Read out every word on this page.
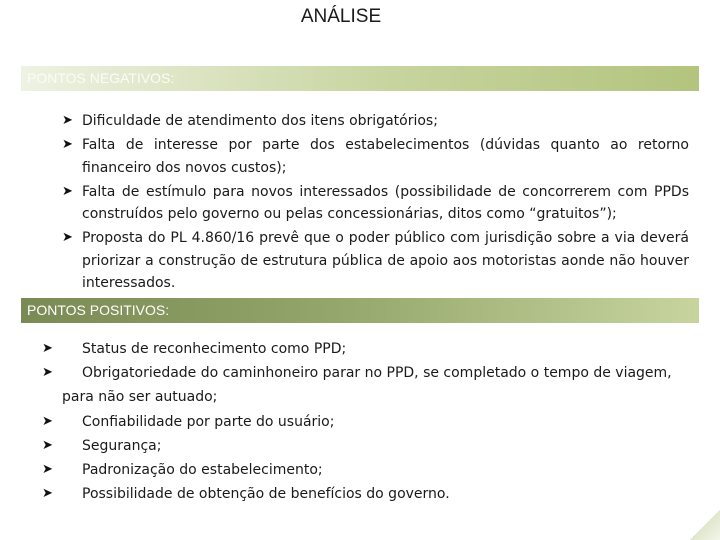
ANÁLISE
PONTOS NEGATIVOS:
➤ Dificuldade de atendimento dos itens obrigatórios;
➤ Falta de interesse por parte dos estabelecimentos (dúvidas quanto ao retorno financeiro dos novos custos);
➤ Falta de estímulo para novos interessados (possibilidade de concorrerem com PPDs construídos pelo governo ou pelas concessionárias, ditos como “gratuitos”);
➤ Proposta do PL 4.860/16 prevê que o poder público com jurisdição sobre a via deverá priorizar a construção de estrutura pública de apoio aos motoristas aonde não houver interessados.
PONTOS POSITIVOS:
➤ Status de reconhecimento como PPD;
➤ Obrigatoriedade do caminhoneiro parar no PPD, se completado o tempo de viagem, para não ser autuado;
➤ Confiabilidade por parte do usuário;
➤ Segurança;
➤ Padronização do estabelecimento;
➤ Possibilidade de obtenção de benefícios do governo.
